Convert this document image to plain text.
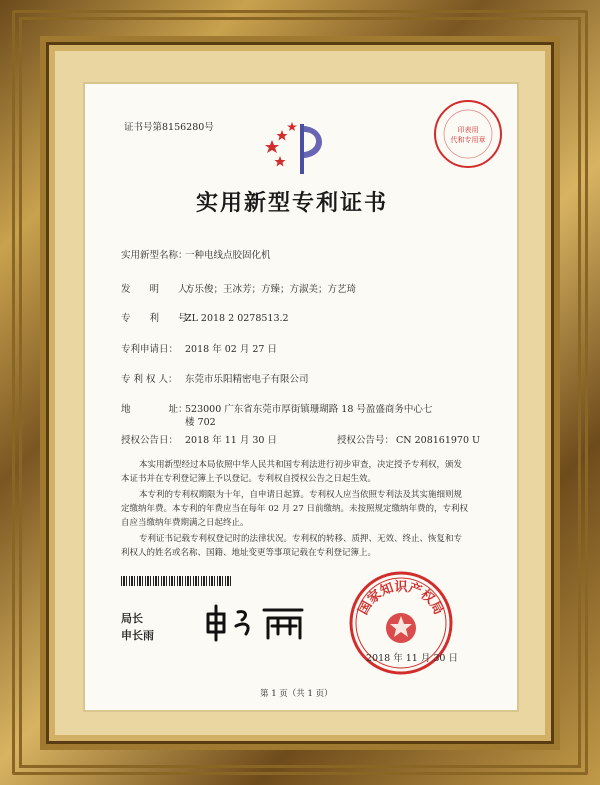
证书号第8156280号	印表用
代和专用章
实用新型专利证书
实用新型名称：
一种电线点胶固化机
发　　明　　人：
方乐俊；王冰芳；方臻；方淑美；方艺琦
专　　利　　号：
ZL 2018 2 0278513.2
专利申请日： 2018 年 02 月 27 日
专 利 权 人： 东莞市乐阳精密电子有限公司
地　　　　址：
523000 广东省东莞市厚街镇珊瑚路 18 号盈盛商务中心七
楼 702
授权公告日： 2018 年 11 月 30 日	授权公告号： CN 208161970 U
本实用新型经过本局依照中华人民共和国专利法进行初步审查，决定授予专利权，颁发
本证书并在专利登记簿上予以登记。专利权自授权公告之日起生效。
本专利的专利权期限为十年，自申请日起算。专利权人应当依照专利法及其实施细则规
定缴纳年费。本专利的年费应当在每年 02 月 27 日前缴纳。未按照规定缴纳年费的，专利权
自应当缴纳年费期满之日起终止。
专利证书记载专利权登记时的法律状况。专利权的转移、质押、无效、终止、恢复和专
利权人的姓名或名称、国籍、地址变更等事项记载在专利登记簿上。
局长
申长雨
国家知识产权局
2018 年 11 月 30 日
第 1 页（共 1 页）
